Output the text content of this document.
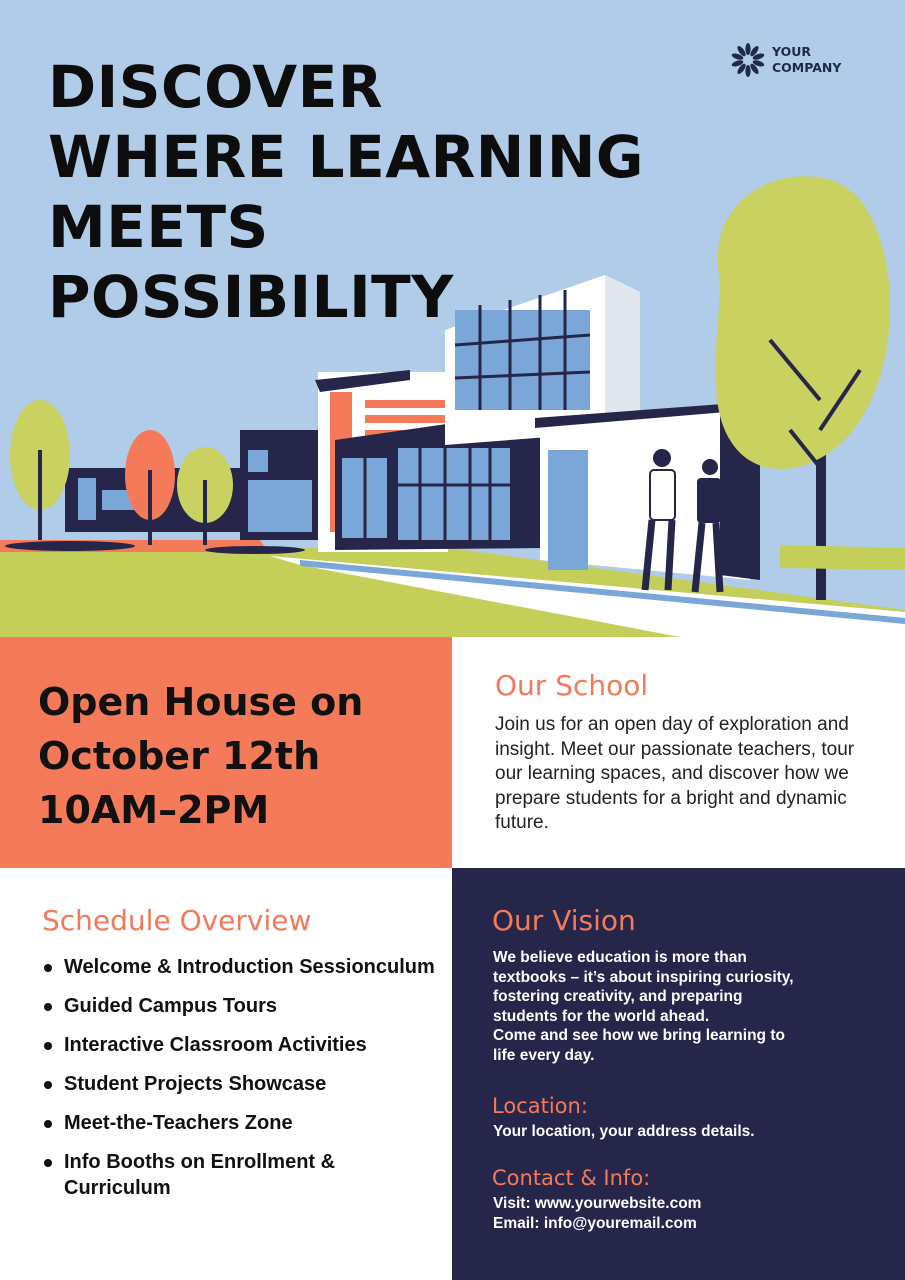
DISCOVER
WHERE LEARNING
MEETS
POSSIBILITY
YOUR
COMPANY
Open House on
October 12th
10AM–2PM
Our School

Join us for an open day of exploration and insight. Meet our passionate teachers, tour our learning spaces, and discover how we prepare students for a bright and dynamic future.

Schedule Overview
Welcome & Introduction Sessionculum
Guided Campus Tours
Interactive Classroom Activities
Student Projects Showcase
Meet-the-Teachers Zone
Info Booths on Enrollment & Curriculum
Our Vision
We believe education is more than
textbooks – it’s about inspiring curiosity,
fostering creativity, and preparing
students for the world ahead.
Come and see how we bring learning to
life every day.
Location:
Your location, your address details.
Contact & Info:
Visit: www.yourwebsite.com
Email: info@youremail.com
